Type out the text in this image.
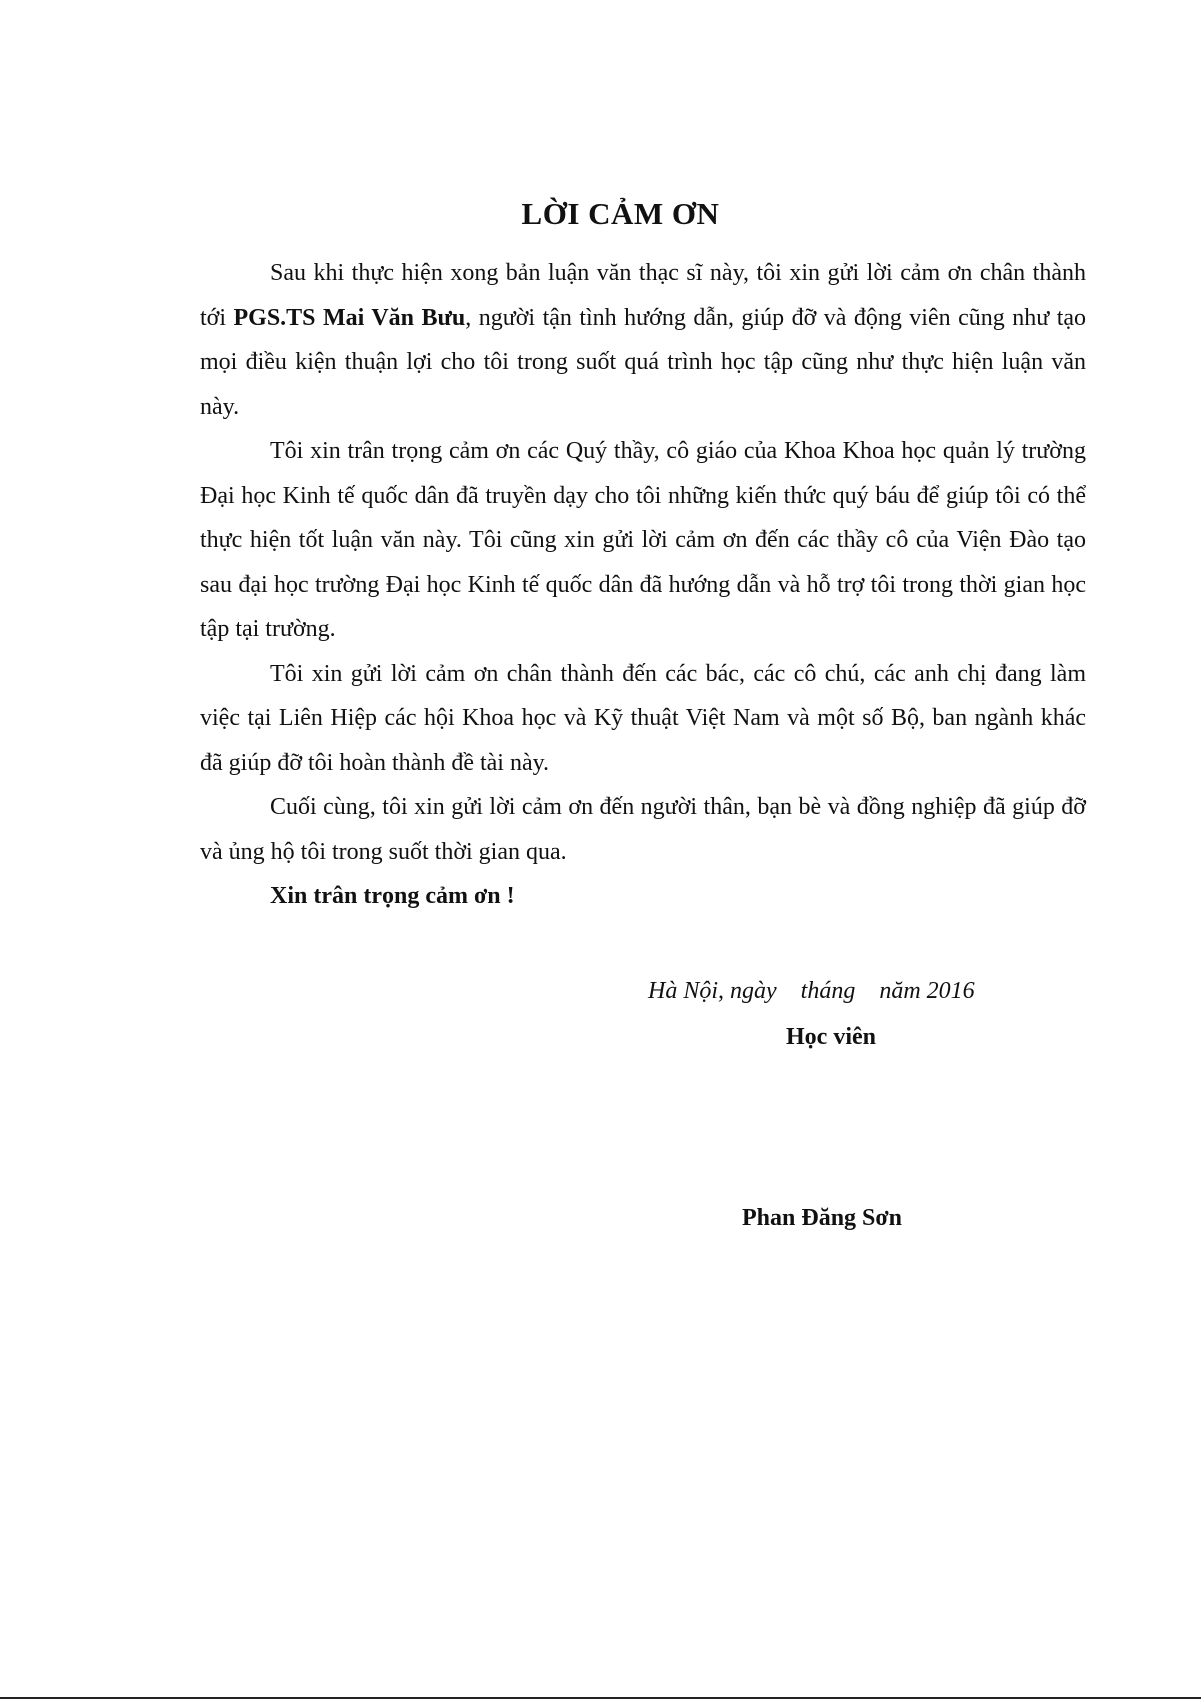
LỜI CẢM ƠN

Sau khi thực hiện xong bản luận văn thạc sĩ này, tôi xin gửi lời cảm ơn chân thành tới PGS.TS Mai Văn Bưu, người tận tình hướng dẫn, giúp đỡ và động viên cũng như tạo mọi điều kiện thuận lợi cho tôi trong suốt quá trình học tập cũng như thực hiện luận văn này.

Tôi xin trân trọng cảm ơn các Quý thầy, cô giáo của Khoa Khoa học quản lý trường Đại học Kinh tế quốc dân đã truyền dạy cho tôi những kiến thức quý báu để giúp tôi có thể thực hiện tốt luận văn này. Tôi cũng xin gửi lời cảm ơn đến các thầy cô của Viện Đào tạo sau đại học trường Đại học Kinh tế quốc dân đã hướng dẫn và hỗ trợ tôi trong thời gian học tập tại trường.

Tôi xin gửi lời cảm ơn chân thành đến các bác, các cô chú, các anh chị đang làm việc tại Liên Hiệp các hội Khoa học và Kỹ thuật Việt Nam và một số Bộ, ban ngành khác đã giúp đỡ tôi hoàn thành đề tài này.

Cuối cùng, tôi xin gửi lời cảm ơn đến người thân, bạn bè và đồng nghiệp đã giúp đỡ và ủng hộ tôi trong suốt thời gian qua.

Xin trân trọng cảm ơn !

Hà Nội, ngày    tháng    năm 2016
Học viên
Phan Đăng Sơn
